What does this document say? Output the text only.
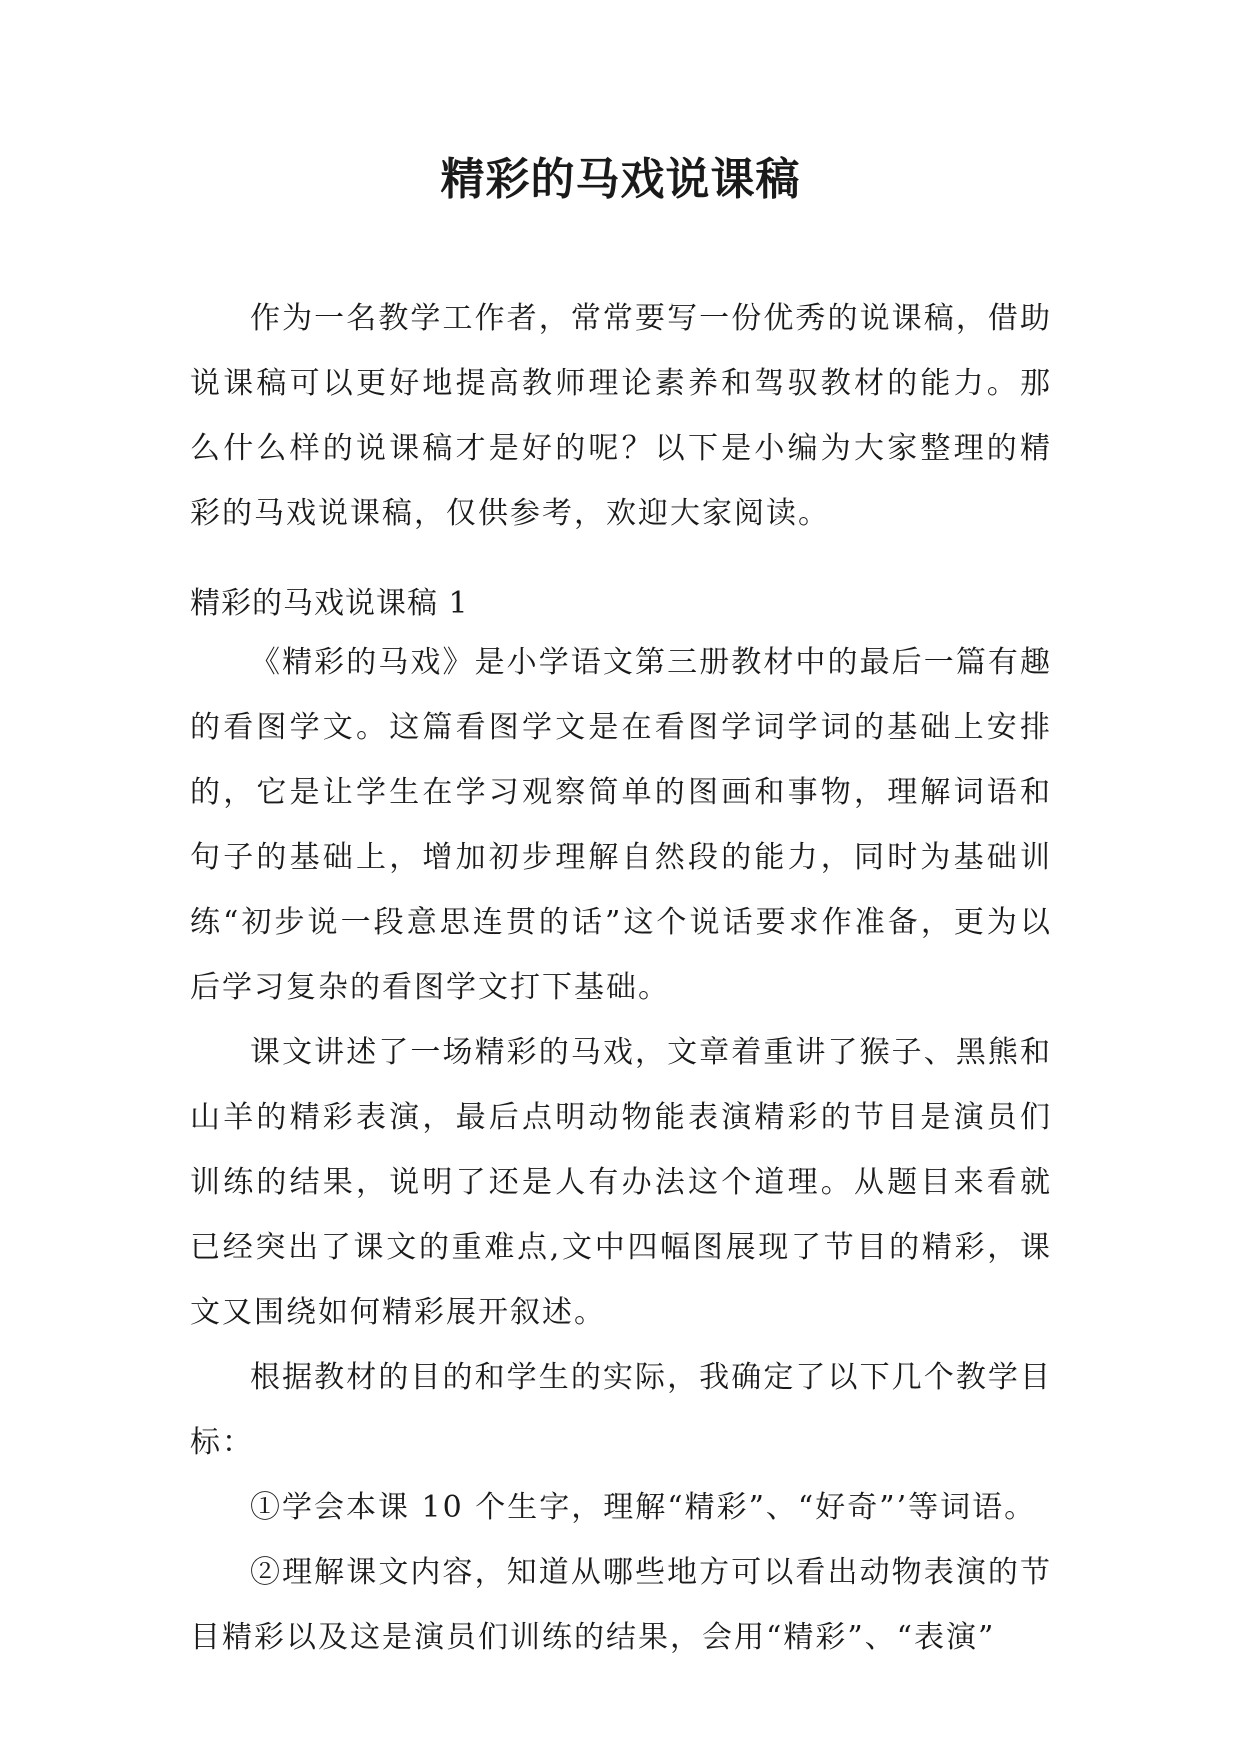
精彩的马戏说课稿

作为一名教学工作者，常常要写一份优秀的说课稿，借助说课稿可以更好地提高教师理论素养和驾驭教材的能力。那么什么样的说课稿才是好的呢？以下是小编为大家整理的精彩的马戏说课稿，仅供参考，欢迎大家阅读。

精彩的马戏说课稿 1

《精彩的马戏》是小学语文第三册教材中的最后一篇有趣的看图学文。这篇看图学文是在看图学词学词的基础上安排的，它是让学生在学习观察简单的图画和事物，理解词语和句子的基础上，增加初步理解自然段的能力，同时为基础训练“初步说一段意思连贯的话”这个说话要求作准备，更为以后学习复杂的看图学文打下基础。

课文讲述了一场精彩的马戏，文章着重讲了猴子、黑熊和山羊的精彩表演，最后点明动物能表演精彩的节目是演员们训练的结果，说明了还是人有办法这个道理。从题目来看就已经突出了课文的重难点,文中四幅图展现了节目的精彩，课文又围绕如何精彩展开叙述。

根据教材的目的和学生的实际，我确定了以下几个教学目标：

①学会本课 10 个生字，理解“精彩”、“好奇”’等词语。

②理解课文内容，知道从哪些地方可以看出动物表演的节目精彩以及这是演员们训练的结果，会用“精彩”、“表演”
